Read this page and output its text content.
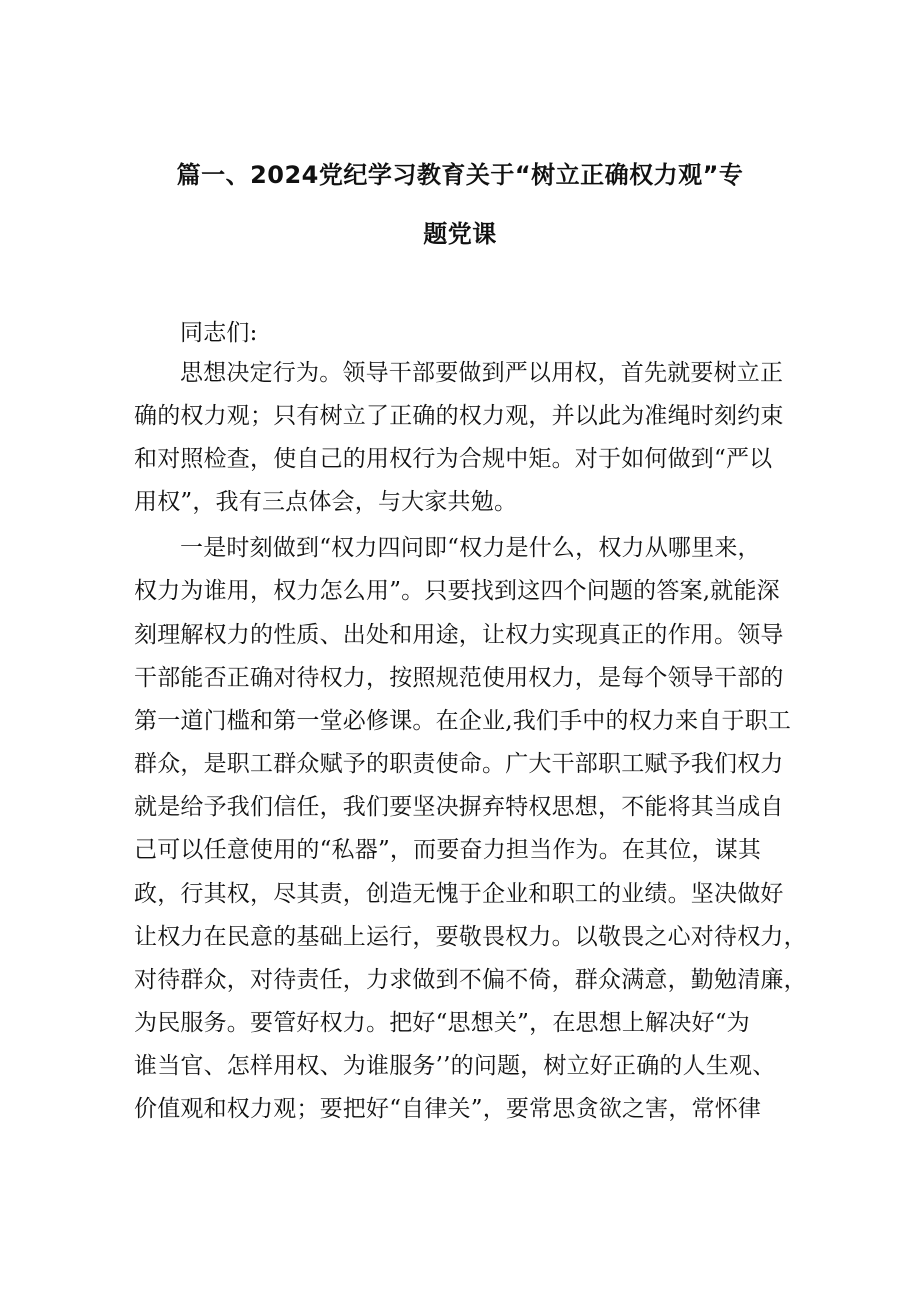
篇一、2024党纪学习教育关于“树立正确权力观”专
题党课
同志们:
思想决定行为。领导干部要做到严以用权，首先就要树立正
确的权力观；只有树立了正确的权力观，并以此为准绳时刻约束
和对照检查，使自己的用权行为合规中矩。对于如何做到“严以
用权”，我有三点体会，与大家共勉。
一是时刻做到“权力四问即“权力是什么，权力从哪里来，
权力为谁用，权力怎么用”。只要找到这四个问题的答案,就能深
刻理解权力的性质、出处和用途，让权力实现真正的作用。领导
干部能否正确对待权力，按照规范使用权力，是每个领导干部的
第一道门槛和第一堂必修课。在企业,我们手中的权力来自于职工
群众，是职工群众赋予的职责使命。广大干部职工赋予我们权力
就是给予我们信任，我们要坚决摒弃特权思想，不能将其当成自
己可以任意使用的“私器”，而要奋力担当作为。在其位，谋其
政，行其权，尽其责，创造无愧于企业和职工的业绩。坚决做好
让权力在民意的基础上运行，要敬畏权力。以敬畏之心对待权力，
对待群众，对待责任，力求做到不偏不倚，群众满意，勤勉清廉，
为民服务。要管好权力。把好“思想关”，在思想上解决好“为
谁当官、怎样用权、为谁服务’’的问题，树立好正确的人生观、
价值观和权力观；要把好“自律关”，要常思贪欲之害，常怀律
